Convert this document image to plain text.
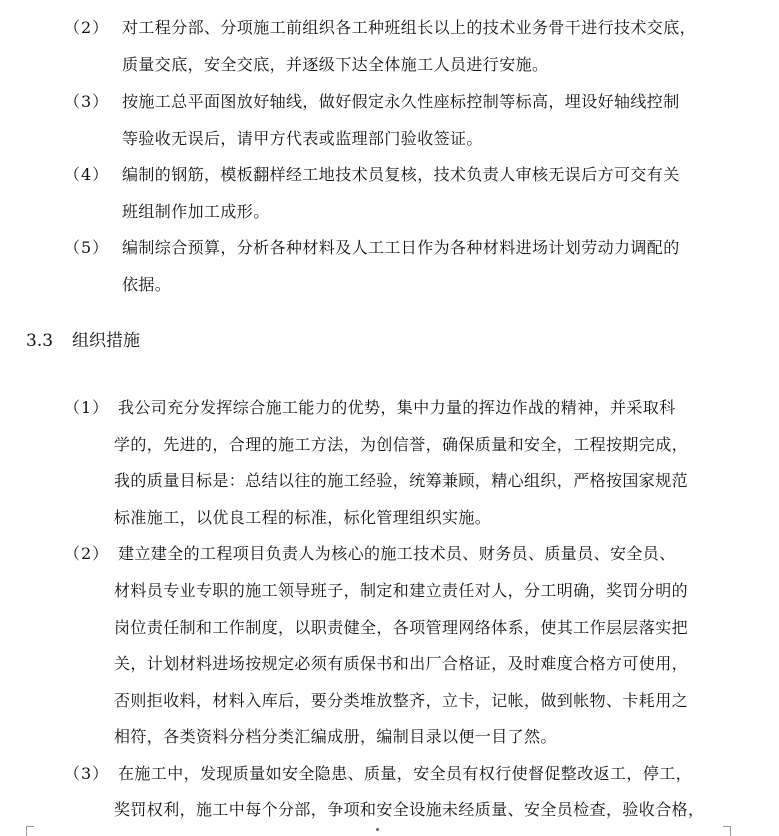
（2） 对工程分部、分项施工前组织各工种班组长以上的技术业务骨干进行技术交底，
质量交底，安全交底，并逐级下达全体施工人员进行安施。
（3） 按施工总平面图放好轴线，做好假定永久性座标控制等标高，埋设好轴线控制
等验收无误后，请甲方代表或监理部门验收签证。
（4） 编制的钢筋，模板翻样经工地技术员复核，技术负责人审核无误后方可交有关
班组制作加工成形。
（5） 编制综合预算，分析各种材料及人工工日作为各种材料进场计划劳动力调配的
依据。
3.3 组织措施
（1） 我公司充分发挥综合施工能力的优势，集中力量的挥边作战的精神，并采取科
学的，先进的，合理的施工方法，为创信誉，确保质量和安全，工程按期完成，
我的质量目标是：总结以往的施工经验，统筹兼顾，精心组织，严格按国家规范
标准施工，以优良工程的标准，标化管理组织实施。
（2） 建立建全的工程项目负责人为核心的施工技术员、财务员、质量员、安全员、
材料员专业专职的施工领导班子，制定和建立责任对人，分工明确，奖罚分明的
岗位责任制和工作制度，以职责健全，各项管理网络体系，使其工作层层落实把
关，计划材料进场按规定必须有质保书和出厂合格证，及时难度合格方可使用，
否则拒收料，材料入库后，要分类堆放整齐，立卡，记帐，做到帐物、卡耗用之
相符，各类资料分档分类汇编成册，编制目录以便一目了然。
（3） 在施工中，发现质量如安全隐患、质量，安全员有权行使督促整改返工，停工，
奖罚权利，施工中每个分部，争项和安全设施未经质量、安全员检查，验收合格，
